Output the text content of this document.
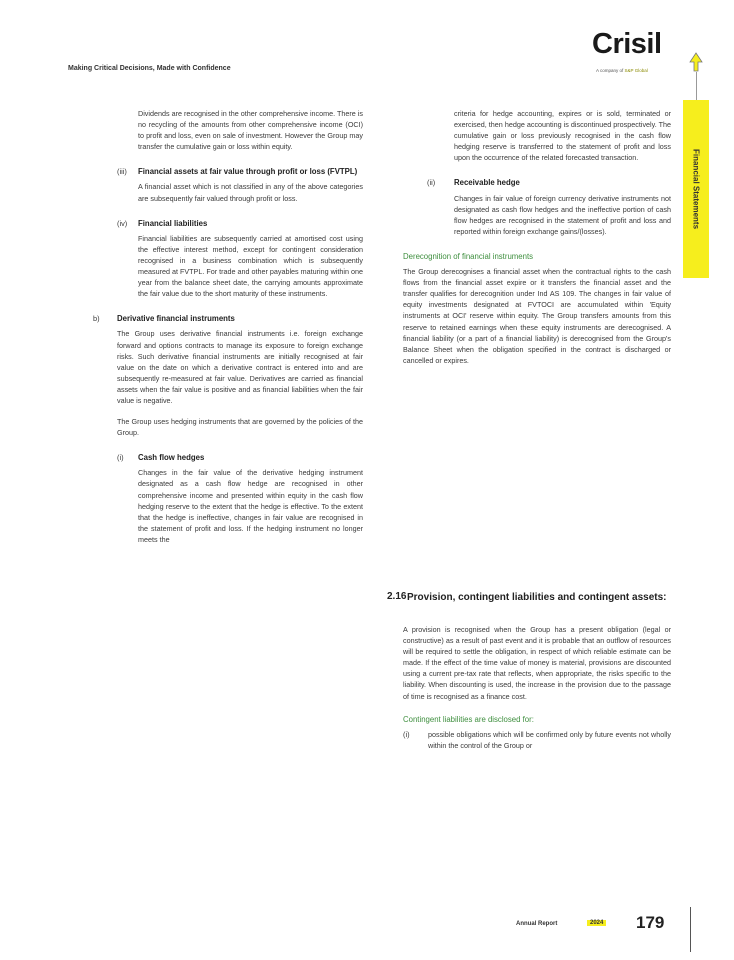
Making Critical Decisions, Made with Confidence
Crisil
A company of S&P Global
Financial Statements

Dividends are recognised in the other comprehensive income. There is no recycling of the amounts from other comprehensive income (OCI) to profit and loss, even on sale of investment. However the Group may transfer the cumulative gain or loss within equity.

(iii) Financial assets at fair value through profit or loss (FVTPL)

A financial asset which is not classified in any of the above categories are subsequently fair valued through profit or loss.

(iv) Financial liabilities

Financial liabilities are subsequently carried at amortised cost using the effective interest method, except for contingent consideration recognised in a business combination which is subsequently measured at FVTPL. For trade and other payables maturing within one year from the balance sheet date, the carrying amounts approximate the fair value due to the short maturity of these instruments.

b) Derivative financial instruments

The Group uses derivative financial instruments i.e. foreign exchange forward and options contracts to manage its exposure to foreign exchange risks. Such derivative financial instruments are initially recognised at fair value on the date on which a derivative contract is entered into and are subsequently re-measured at fair value. Derivatives are carried as financial assets when the fair value is positive and as financial liabilities when the fair value is negative.

The Group uses hedging instruments that are governed by the policies of the Group.

(i) Cash flow hedges

Changes in the fair value of the derivative hedging instrument designated as a cash flow hedge are recognised in other comprehensive income and presented within equity in the cash flow hedging reserve to the extent that the hedge is effective. To the extent that the hedge is ineffective, changes in fair value are recognised in the statement of profit and loss. If the hedging instrument no longer meets the

criteria for hedge accounting, expires or is sold, terminated or exercised, then hedge accounting is discontinued prospectively. The cumulative gain or loss previously recognised in the cash flow hedging reserve is transferred to the statement of profit and loss upon the occurrence of the related forecasted transaction.

(ii) Receivable hedge

Changes in fair value of foreign currency derivative instruments not designated as cash flow hedges and the ineffective portion of cash flow hedges are recognised in the statement of profit and loss and reported within foreign exchange gains/(losses).

Derecognition of financial instruments

The Group derecognises a financial asset when the contractual rights to the cash flows from the financial asset expire or it transfers the financial asset and the transfer qualifies for derecognition under Ind AS 109. The changes in fair value of equity investments designated at FVTOCI are accumulated within 'Equity instruments at OCI' reserve within equity. The Group transfers amounts from this reserve to retained earnings when these equity instruments are derecognised. A financial liability (or a part of a financial liability) is derecognised from the Group's Balance Sheet when the obligation specified in the contract is discharged or cancelled or expires.

2.16 Provision, contingent liabilities and contingent assets:

A provision is recognised when the Group has a present obligation (legal or constructive) as a result of past event and it is probable that an outflow of resources will be required to settle the obligation, in respect of which reliable estimate can be made. If the effect of the time value of money is material, provisions are discounted using a current pre-tax rate that reflects, when appropriate, the risks specific to the liability. When discounting is used, the increase in the provision due to the passage of time is recognised as a finance cost.

Contingent liabilities are disclosed for:
(i)	possible obligations which will be confirmed only by future events not wholly within the control of the Group or

Annual Report	2024 179
